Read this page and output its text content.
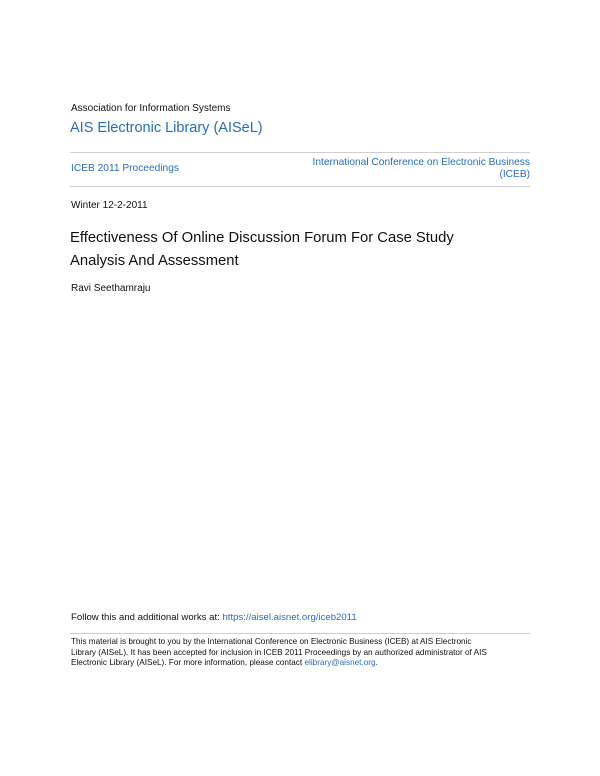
Association for Information Systems
AIS Electronic Library (AISeL)
ICEB 2011 Proceedings
International Conference on Electronic Business
(ICEB)
Winter 12-2-2011
Effectiveness Of Online Discussion Forum For Case Study
Analysis And Assessment
Ravi Seethamraju
Follow this and additional works at: https://aisel.aisnet.org/iceb2011
This material is brought to you by the International Conference on Electronic Business (ICEB) at AIS Electronic
Library (AISeL). It has been accepted for inclusion in ICEB 2011 Proceedings by an authorized administrator of AIS
Electronic Library (AISeL). For more information, please contact elibrary@aisnet.org.
